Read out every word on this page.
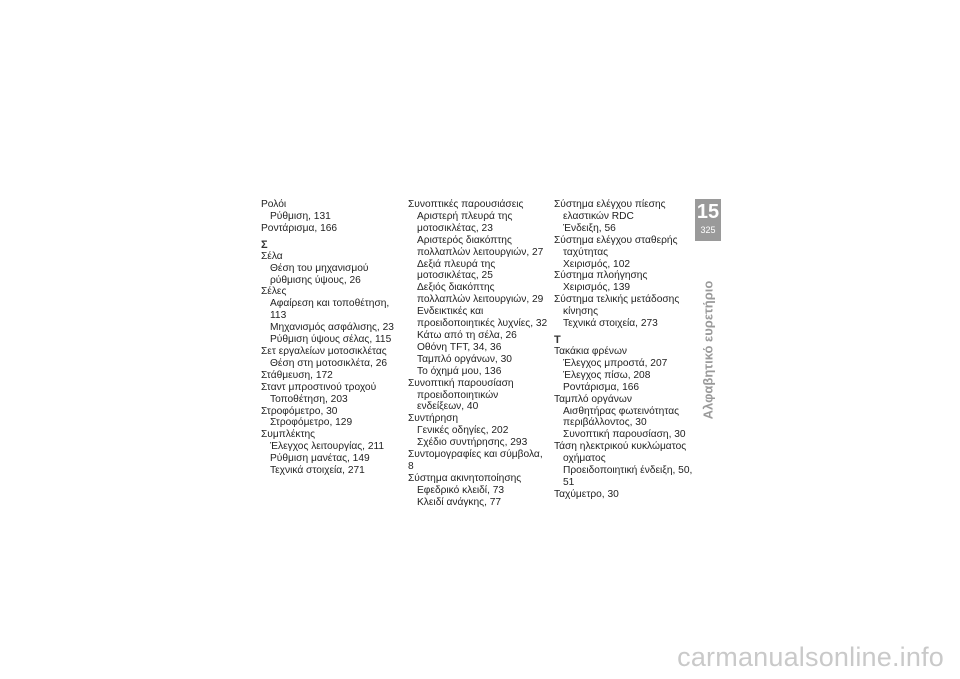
Ρολόι
Ρύθμιση, 131
Ροντάρισμα, 166
Σ
Σέλα
Θέση του μηχανισμού ρύθμισης ύψους, 26
Σέλες
Αφαίρεση και τοποθέτηση, 113
Μηχανισμός ασφάλισης, 23
Ρύθμιση ύψους σέλας, 115
Σετ εργαλείων μοτοσικλέτας
Θέση στη μοτοσικλέτα, 26
Στάθμευση, 172
Σταντ μπροστινού τροχού
Τοποθέτηση, 203
Στροφόμετρο, 30
Στροφόμετρο, 129
Συμπλέκτης
Έλεγχος λειτουργίας, 211
Ρύθμιση μανέτας, 149
Τεχνικά στοιχεία, 271
Συνοπτικές παρουσιάσεις
Αριστερή πλευρά της μοτοσικλέτας, 23
Αριστερός διακόπτης πολλαπλών λειτουργιών, 27
Δεξιά πλευρά της μοτοσικλέτας, 25
Δεξιός διακόπτης πολλαπλών λειτουργιών, 29
Ενδεικτικές και προειδοποιητικές λυχνίες, 32
Κάτω από τη σέλα, 26
Οθόνη TFT, 34, 36
Ταμπλό οργάνων, 30
Το όχημά μου, 136
Συνοπτική παρουσίαση
προειδοποιητικών ενδείξεων, 40
Συντήρηση
Γενικές οδηγίες, 202
Σχέδιο συντήρησης, 293
Συντομογραφίες και σύμβολα, 8
Σύστημα ακινητοποίησης
Εφεδρικό κλειδί, 73
Κλειδί ανάγκης, 77
Σύστημα ελέγχου πίεσης
ελαστικών RDC
Ένδειξη, 56
Σύστημα ελέγχου σταθερής
ταχύτητας
Χειρισμός, 102
Σύστημα πλοήγησης
Χειρισμός, 139
Σύστημα τελικής μετάδοσης
κίνησης
Τεχνικά στοιχεία, 273
Τ
Τακάκια φρένων
Έλεγχος μπροστά, 207
Έλεγχος πίσω, 208
Ροντάρισμα, 166
Ταμπλό οργάνων
Αισθητήρας φωτεινότητας περιβάλλοντος, 30
Συνοπτική παρουσίαση, 30
Τάση ηλεκτρικού κυκλώματος
οχήματος
Προειδοποιητική ένδειξη, 50, 51
Ταχύμετρο, 30
15
325
Αλφαβητικό ευρετήριο
carmanualsonline.info
